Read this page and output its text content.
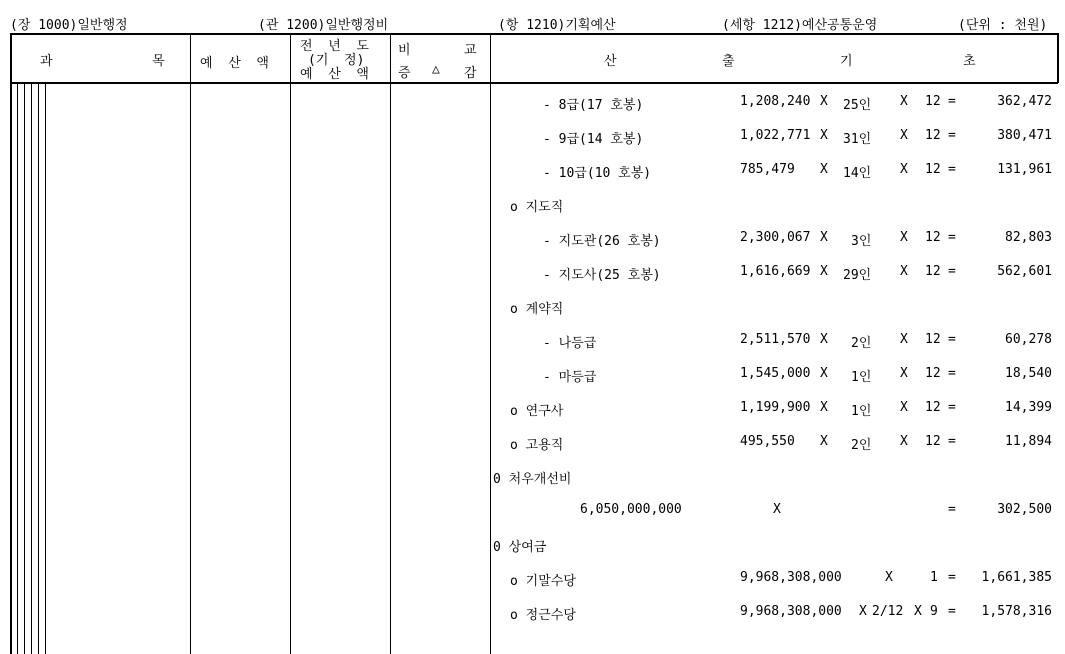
(장 1000)일반행정	(관 1200)일반행정비	(항 1210)기획예산	(세항 1212)예산공통운영	(단위 : 천원)
과	목	예  산  액
전  년  도
(기  정)
예  산  액
비	교
증 △ 감
산	출	기	초
- 8급(17 호봉)	1,208,240 X 25인 X 12 =	362,472
- 9급(14 호봉)	1,022,771 X 31인 X 12 =	380,471
- 10급(10 호봉)	785,479 X 14인 X 12 =	131,961
o 지도직
- 지도관(26 호봉)	2,300,067 X 3인 X 12 =	82,803
- 지도사(25 호봉)	1,616,669 X 29인 X 12 =	562,601
o 계약직
- 나등급	2,511,570 X 2인 X 12 =	60,278
- 마등급	1,545,000 X 1인 X 12 =	18,540
o 연구사	1,199,900 X 1인 X 12 =	14,399
o 고용직	495,550 X 2인 X 12 =	11,894
0 처우개선비
6,050,000,000	X	=	302,500
0 상여금
o 기말수당	9,968,308,000	X	1 =	1,661,385
o 정근수당	9,968,308,000 X 2/12 X 9 =	1,578,316
